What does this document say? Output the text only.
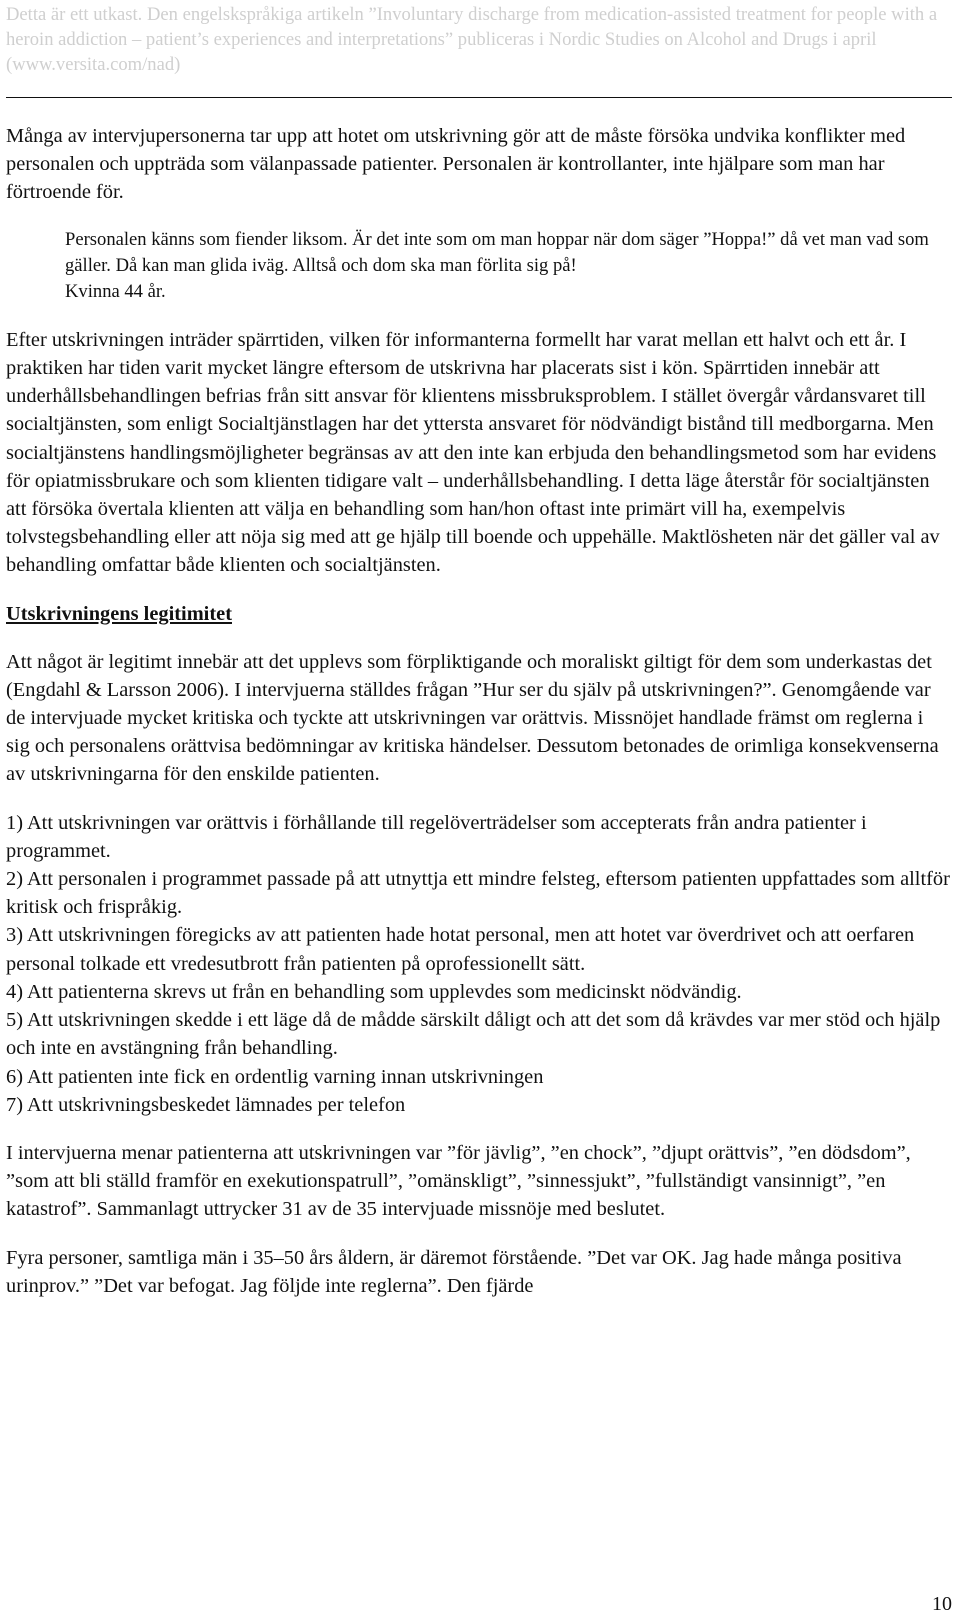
Detta är ett utkast. Den engelskspråkiga artikeln ”Involuntary discharge from medication-assisted treatment for people with a heroin addiction – patient’s experiences and interpretations” publiceras i Nordic Studies on Alcohol and Drugs i april (www.versita.com/nad)

Många av intervjupersonerna tar upp att hotet om utskrivning gör att de måste försöka undvika konflikter med personalen och uppträda som välanpassade patienter. Personalen är kontrollanter, inte hjälpare som man har förtroende för.

Personalen känns som fiender liksom. Är det inte som om man hoppar när dom säger ”Hoppa!” då vet man vad som gäller. Då kan man glida iväg. Alltså och dom ska man förlita sig på!
Kvinna 44 år.

Efter utskrivningen inträder spärrtiden, vilken för informanterna formellt har varat mellan ett halvt och ett år. I praktiken har tiden varit mycket längre eftersom de utskrivna har placerats sist i kön. Spärrtiden innebär att underhållsbehandlingen befrias från sitt ansvar för klientens missbruksproblem. I stället övergår vårdansvaret till socialtjänsten, som enligt Socialtjänstlagen har det yttersta ansvaret för nödvändigt bistånd till medborgarna. Men socialtjänstens handlingsmöjligheter begränsas av att den inte kan erbjuda den behandlingsmetod som har evidens för opiatmissbrukare och som klienten tidigare valt – underhållsbehandling. I detta läge återstår för socialtjänsten att försöka övertala klienten att välja en behandling som han/hon oftast inte primärt vill ha, exempelvis tolvstegsbehandling eller att nöja sig med att ge hjälp till boende och uppehälle. Maktlösheten när det gäller val av behandling omfattar både klienten och socialtjänsten.

Utskrivningens legitimitet

Att något är legitimt innebär att det upplevs som förpliktigande och moraliskt giltigt för dem som underkastas det (Engdahl & Larsson 2006). I intervjuerna ställdes frågan ”Hur ser du själv på utskrivningen?”. Genomgående var de intervjuade mycket kritiska och tyckte att utskrivningen var orättvis. Missnöjet handlade främst om reglerna i sig och personalens orättvisa bedömningar av kritiska händelser. Dessutom betonades de orimliga konsekvenserna av utskrivningarna för den enskilde patienten.

1) Att utskrivningen var orättvis i förhållande till regelöverträdelser som accepterats från andra patienter i programmet.

2) Att personalen i programmet passade på att utnyttja ett mindre felsteg, eftersom patienten uppfattades som alltför kritisk och frispråkig.

3) Att utskrivningen föregicks av att patienten hade hotat personal, men att hotet var överdrivet och att oerfaren personal tolkade ett vredesutbrott från patienten på oprofessionellt sätt.

4) Att patienterna skrevs ut från en behandling som upplevdes som medicinskt nödvändig.

5) Att utskrivningen skedde i ett läge då de mådde särskilt dåligt och att det som då krävdes var mer stöd och hjälp och inte en avstängning från behandling.

6) Att patienten inte fick en ordentlig varning innan utskrivningen

7) Att utskrivningsbeskedet lämnades per telefon

I intervjuerna menar patienterna att utskrivningen var ”för jävlig”, ”en chock”, ”djupt orättvis”, ”en dödsdom”, ”som att bli ställd framför en exekutionspatrull”, ”omänskligt”, ”sinnessjukt”, ”fullständigt vansinnigt”, ”en katastrof”. Sammanlagt uttrycker 31 av de 35 intervjuade missnöje med beslutet.

Fyra personer, samtliga män i 35–50 års åldern, är däremot förstående. ”Det var OK. Jag hade många positiva urinprov.” ”Det var befogat. Jag följde inte reglerna”. Den fjärde

10
